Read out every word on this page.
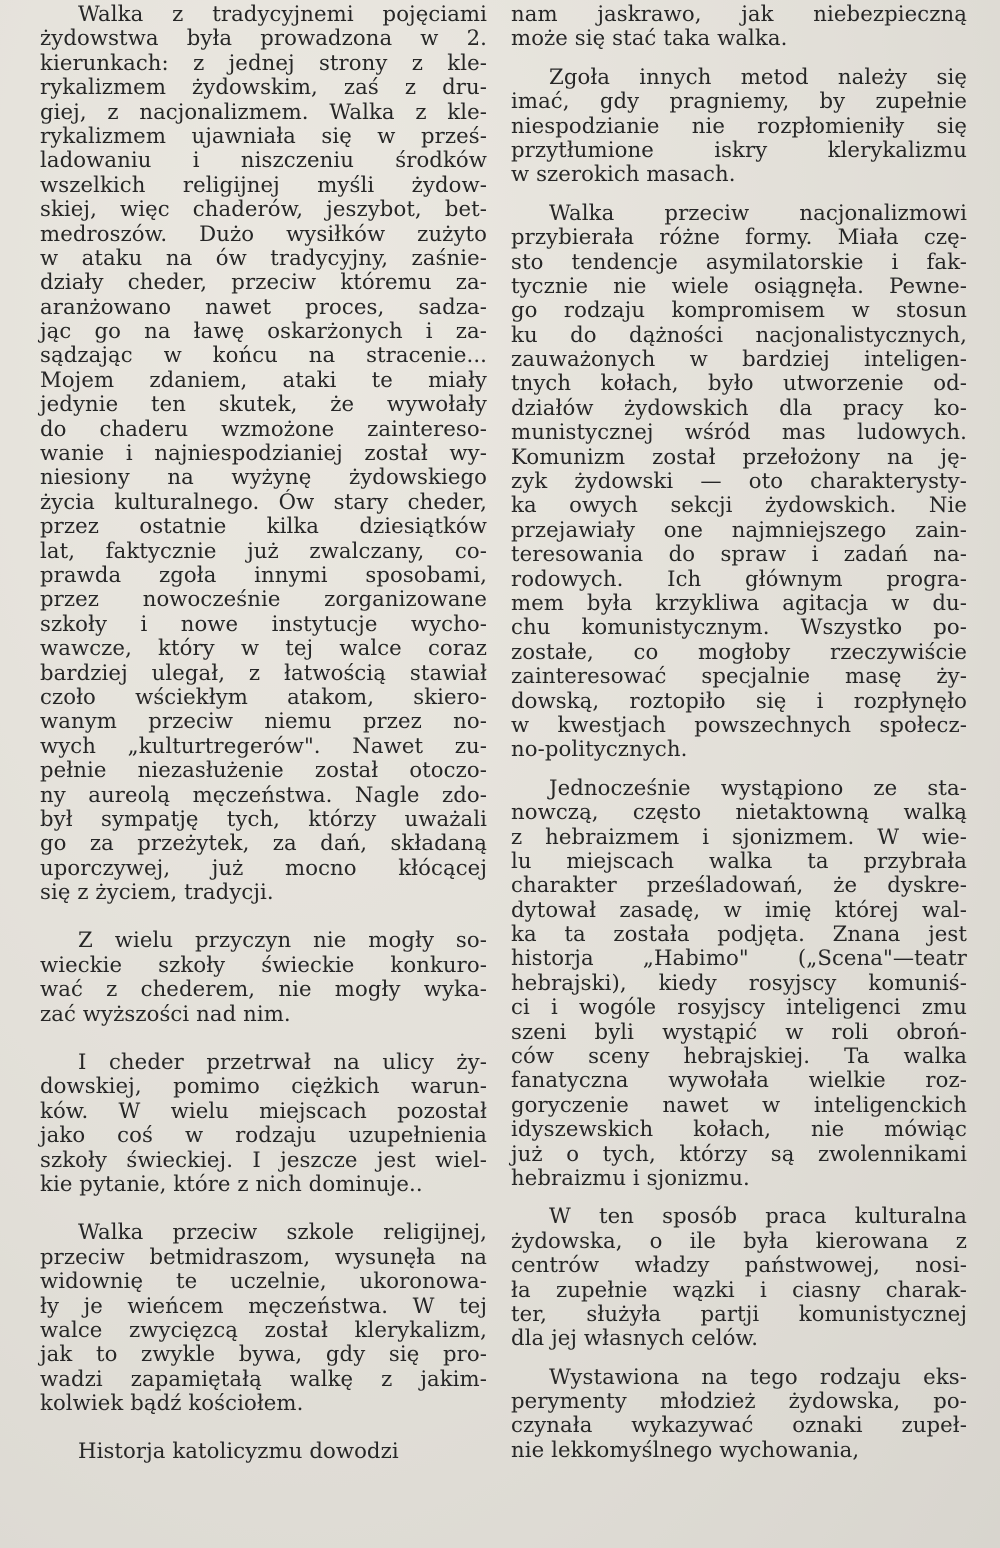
Walka z tradycyjnemi pojęciami
żydowstwa była prowadzona w 2.
kierunkach: z jednej strony z kle-
rykalizmem żydowskim, zaś z dru-
giej, z nacjonalizmem. Walka z kle-
rykalizmem ujawniała się w prześ-
ladowaniu i niszczeniu środków
wszelkich religijnej myśli żydow-
skiej, więc chaderów, jeszybot, bet-
medroszów. Dużo wysiłków zużyto
w ataku na ów tradycyjny, zaśnie-
działy cheder, przeciw któremu za-
aranżowano nawet proces, sadza-
jąc go na ławę oskarżonych i za-
sądzając w końcu na stracenie...
Mojem zdaniem, ataki te miały
jedynie ten skutek, że wywołały
do chaderu wzmożone zaintereso-
wanie i najniespodzianiej został wy-
niesiony na wyżynę żydowskiego
życia kulturalnego. Ów stary cheder,
przez ostatnie kilka dziesiątków
lat, faktycznie już zwalczany, co-
prawda zgoła innymi sposobami,
przez nowocześnie zorganizowane
szkoły i nowe instytucje wycho-
wawcze, który w tej walce coraz
bardziej ulegał, z łatwością stawiał
czoło wściekłym atakom, skiero-
wanym przeciw niemu przez no-
wych „kulturtregerów". Nawet zu-
pełnie niezasłużenie został otoczo-
ny aureolą męczeństwa. Nagle zdo-
był sympatję tych, którzy uważali
go za przeżytek, za dań, składaną
uporczywej, już mocno kłócącej
się z życiem, tradycji.
Z wielu przyczyn nie mogły so-
wieckie szkoły świeckie konkuro-
wać z chederem, nie mogły wyka-
zać wyższości nad nim.
I cheder przetrwał na ulicy ży-
dowskiej, pomimo ciężkich warun-
ków. W wielu miejscach pozostał
jako coś w rodzaju uzupełnienia
szkoły świeckiej. I jeszcze jest wiel-
kie pytanie, które z nich dominuje..
Walka przeciw szkole religijnej,
przeciw betmidraszom, wysunęła na
widownię te uczelnie, ukoronowa-
ły je wieńcem męczeństwa. W tej
walce zwycięzcą został klerykalizm,
jak to zwykle bywa, gdy się pro-
wadzi zapamiętałą walkę z jakim-
kolwiek bądź kościołem.
Historja katolicyzmu dowodzi
nam jaskrawo, jak niebezpieczną
może się stać taka walka.
Zgoła innych metod należy się
imać, gdy pragniemy, by zupełnie
niespodzianie nie rozpłomieniły się
przytłumione iskry klerykalizmu
w szerokich masach.
Walka przeciw nacjonalizmowi
przybierała różne formy. Miała czę-
sto tendencje asymilatorskie i fak-
tycznie nie wiele osiągnęła. Pewne-
go rodzaju kompromisem w stosun
ku do dążności nacjonalistycznych,
zauważonych w bardziej inteligen-
tnych kołach, było utworzenie od-
działów żydowskich dla pracy ko-
munistycznej wśród mas ludowych.
Komunizm został przełożony na ję-
zyk żydowski — oto charakterysty-
ka owych sekcji żydowskich. Nie
przejawiały one najmniejszego zain-
teresowania do spraw i zadań na-
rodowych. Ich głównym progra-
mem była krzykliwa agitacja w du-
chu komunistycznym. Wszystko po-
zostałe, co mogłoby rzeczywiście
zainteresować specjalnie masę ży-
dowską, roztopiło się i rozpłynęło
w kwestjach powszechnych społecz-
no-politycznych.
Jednocześnie wystąpiono ze sta-
nowczą, często nietaktowną walką
z hebraizmem i sjonizmem. W wie-
lu miejscach walka ta przybrała
charakter prześladowań, że dyskre-
dytował zasadę, w imię której wal-
ka ta została podjęta. Znana jest
historja „Habimo" („Scena"—teatr
hebrajski), kiedy rosyjscy komuniś-
ci i wogóle rosyjscy inteligenci zmu
szeni byli wystąpić w roli obroń-
ców sceny hebrajskiej. Ta walka
fanatyczna wywołała wielkie roz-
goryczenie nawet w inteligenckich
idyszewskich kołach, nie mówiąc
już o tych, którzy są zwolennikami
hebraizmu i sjonizmu.
W ten sposób praca kulturalna
żydowska, o ile była kierowana z
centrów władzy państwowej, nosi-
ła zupełnie wązki i ciasny charak-
ter, służyła partji komunistycznej
dla jej własnych celów.
Wystawiona na tego rodzaju eks-
perymenty młodzież żydowska, po-
czynała wykazywać oznaki zupeł-
nie lekkomyślnego wychowania,
